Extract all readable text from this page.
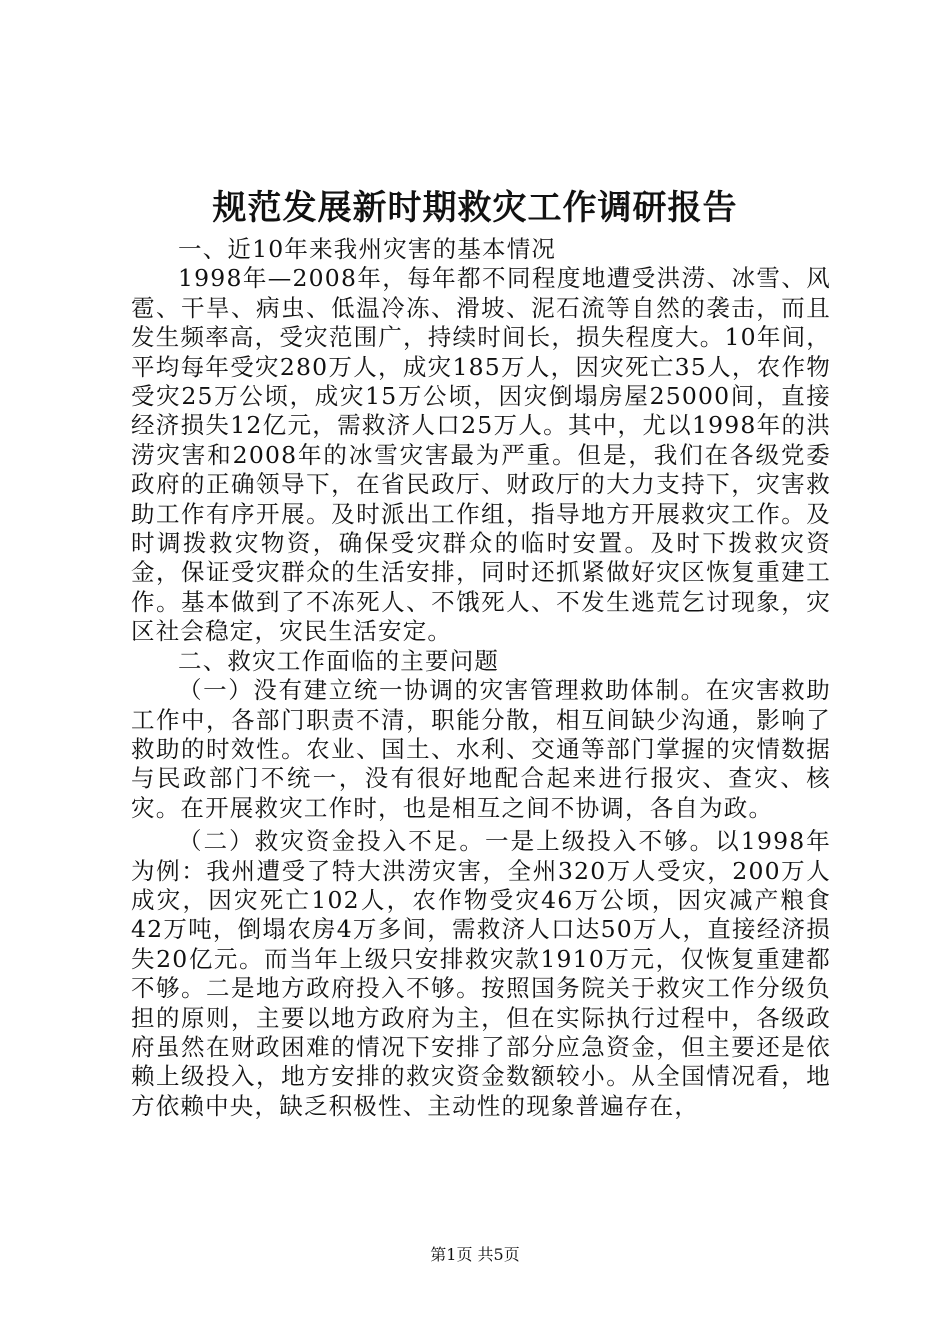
规范发展新时期救灾工作调研报告

一、近10年来我州灾害的基本情况

1998年—2008年，每年都不同程度地遭受洪涝、冰雪、风雹、干旱、病虫、低温冷冻、滑坡、泥石流等自然的袭击，而且发生频率高，受灾范围广，持续时间长，损失程度大。10年间，平均每年受灾280万人，成灾185万人，因灾死亡35人，农作物受灾25万公顷，成灾15万公顷，因灾倒塌房屋25000间，直接经济损失12亿元，需救济人口25万人。其中，尤以1998年的洪涝灾害和2008年的冰雪灾害最为严重。但是，我们在各级党委政府的正确领导下，在省民政厅、财政厅的大力支持下，灾害救助工作有序开展。及时派出工作组，指导地方开展救灾工作。及时调拨救灾物资，确保受灾群众的临时安置。及时下拨救灾资金，保证受灾群众的生活安排，同时还抓紧做好灾区恢复重建工作。基本做到了不冻死人、不饿死人、不发生逃荒乞讨现象，灾区社会稳定，灾民生活安定。

二、救灾工作面临的主要问题

（一）没有建立统一协调的灾害管理救助体制。在灾害救助工作中，各部门职责不清，职能分散，相互间缺少沟通，影响了救助的时效性。农业、国土、水利、交通等部门掌握的灾情数据与民政部门不统一，没有很好地配合起来进行报灾、查灾、核灾。在开展救灾工作时，也是相互之间不协调，各自为政。

（二）救灾资金投入不足。一是上级投入不够。以1998年为例：我州遭受了特大洪涝灾害，全州320万人受灾，200万人成灾，因灾死亡102人，农作物受灾46万公顷，因灾减产粮食42万吨，倒塌农房4万多间，需救济人口达50万人，直接经济损失20亿元。而当年上级只安排救灾款1910万元，仅恢复重建都不够。二是地方政府投入不够。按照国务院关于救灾工作分级负担的原则，主要以地方政府为主，但在实际执行过程中，各级政府虽然在财政困难的情况下安排了部分应急资金，但主要还是依赖上级投入，地方安排的救灾资金数额较小。从全国情况看，地方依赖中央，缺乏积极性、主动性的现象普遍存在，

第1页 共5页
